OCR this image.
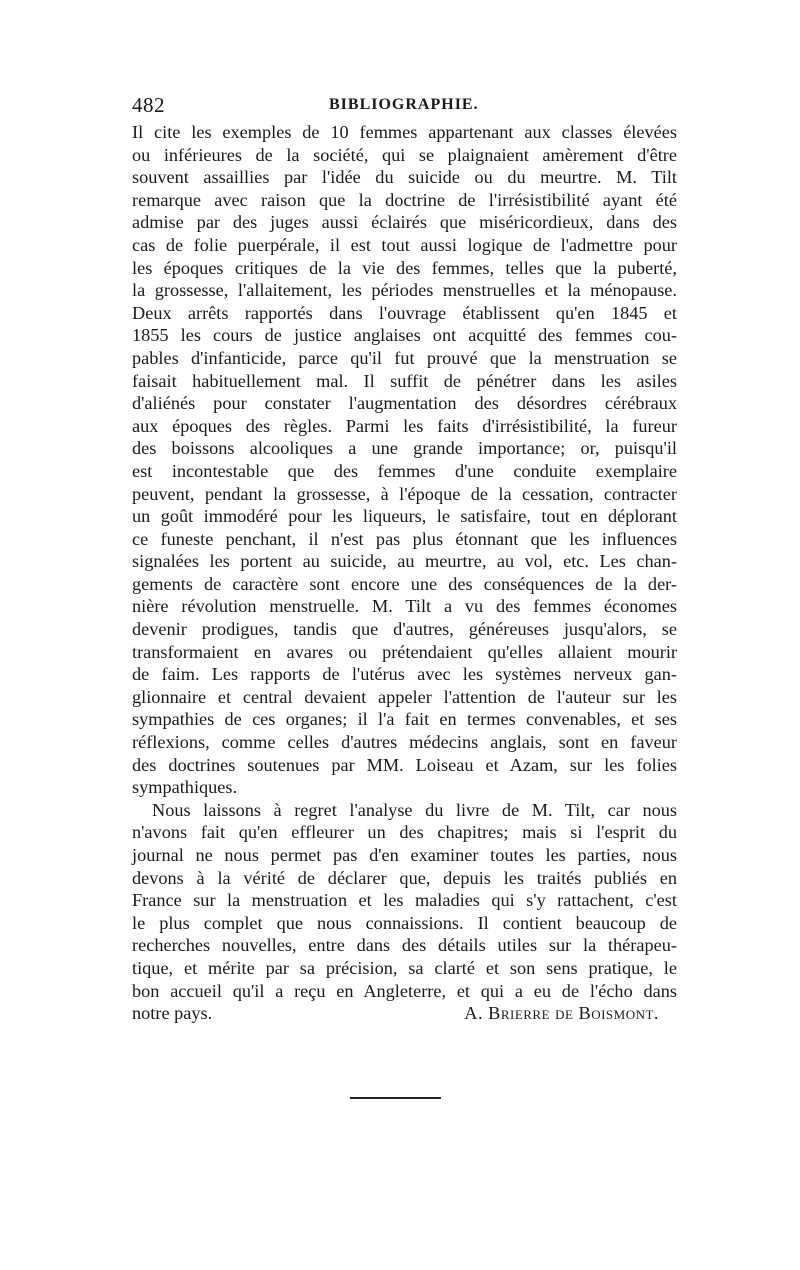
482	BIBLIOGRAPHIE.
Il cite les exemples de 10 femmes appartenant aux classes élevées
ou inférieures de la société, qui se plaignaient amèrement d'être
souvent assaillies par l'idée du suicide ou du meurtre. M. Tilt
remarque avec raison que la doctrine de l'irrésistibilité ayant été
admise par des juges aussi éclairés que miséricordieux, dans des
cas de folie puerpérale, il est tout aussi logique de l'admettre pour
les époques critiques de la vie des femmes, telles que la puberté,
la grossesse, l'allaitement, les périodes menstruelles et la ménopause.
Deux arrêts rapportés dans l'ouvrage établissent qu'en 1845 et
1855 les cours de justice anglaises ont acquitté des femmes cou-
pables d'infanticide, parce qu'il fut prouvé que la menstruation se
faisait habituellement mal. Il suffit de pénétrer dans les asiles
d'aliénés pour constater l'augmentation des désordres cérébraux
aux époques des règles. Parmi les faits d'irrésistibilité, la fureur
des boissons alcooliques a une grande importance; or, puisqu'il
est incontestable que des femmes d'une conduite exemplaire
peuvent, pendant la grossesse, à l'époque de la cessation, contracter
un goût immodéré pour les liqueurs, le satisfaire, tout en déplorant
ce funeste penchant, il n'est pas plus étonnant que les influences
signalées les portent au suicide, au meurtre, au vol, etc. Les chan-
gements de caractère sont encore une des conséquences de la der-
nière révolution menstruelle. M. Tilt a vu des femmes économes
devenir prodigues, tandis que d'autres, généreuses jusqu'alors, se
transformaient en avares ou prétendaient qu'elles allaient mourir
de faim. Les rapports de l'utérus avec les systèmes nerveux gan-
glionnaire et central devaient appeler l'attention de l'auteur sur les
sympathies de ces organes; il l'a fait en termes convenables, et ses
réflexions, comme celles d'autres médecins anglais, sont en faveur
des doctrines soutenues par MM. Loiseau et Azam, sur les folies
sympathiques.
Nous laissons à regret l'analyse du livre de M. Tilt, car nous
n'avons fait qu'en effleurer un des chapitres; mais si l'esprit du
journal ne nous permet pas d'en examiner toutes les parties, nous
devons à la vérité de déclarer que, depuis les traités publiés en
France sur la menstruation et les maladies qui s'y rattachent, c'est
le plus complet que nous connaissions. Il contient beaucoup de
recherches nouvelles, entre dans des détails utiles sur la thérapeu-
tique, et mérite par sa précision, sa clarté et son sens pratique, le
bon accueil qu'il a reçu en Angleterre, et qui a eu de l'écho dans
notre pays.	A. Brierre de Boismont.
